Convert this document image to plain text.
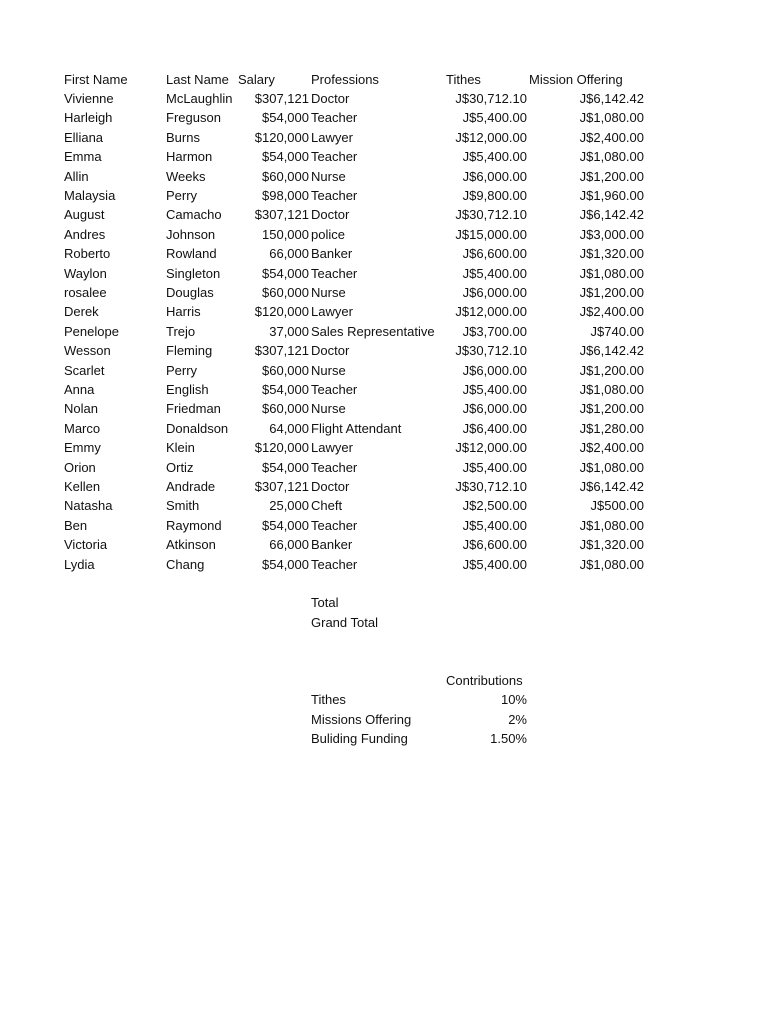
First Name	Last Name Salary	Professions	Tithes	Mission Offering
Vivienne	McLaughlin	$307,121 Doctor	J$30,712.10	J$6,142.42
Harleigh	Freguson	$54,000 Teacher	J$5,400.00	J$1,080.00
Elliana	Burns	$120,000 Lawyer	J$12,000.00	J$2,400.00
Emma	Harmon	$54,000 Teacher	J$5,400.00	J$1,080.00
Allin	Weeks	$60,000 Nurse	J$6,000.00	J$1,200.00
Malaysia	Perry	$98,000 Teacher	J$9,800.00	J$1,960.00
August	Camacho	$307,121 Doctor	J$30,712.10	J$6,142.42
Andres	Johnson	150,000 police	J$15,000.00	J$3,000.00
Roberto	Rowland	66,000 Banker	J$6,600.00	J$1,320.00
Waylon	Singleton	$54,000 Teacher	J$5,400.00	J$1,080.00
rosalee	Douglas	$60,000 Nurse	J$6,000.00	J$1,200.00
Derek	Harris	$120,000 Lawyer	J$12,000.00	J$2,400.00
Penelope	Trejo	37,000 Sales Representative	J$3,700.00	J$740.00
Wesson	Fleming	$307,121 Doctor	J$30,712.10	J$6,142.42
Scarlet	Perry	$60,000 Nurse	J$6,000.00	J$1,200.00
Anna	English	$54,000 Teacher	J$5,400.00	J$1,080.00
Nolan	Friedman	$60,000 Nurse	J$6,000.00	J$1,200.00
Marco	Donaldson	64,000 Flight Attendant	J$6,400.00	J$1,280.00
Emmy	Klein	$120,000 Lawyer	J$12,000.00	J$2,400.00
Orion	Ortiz	$54,000 Teacher	J$5,400.00	J$1,080.00
Kellen	Andrade	$307,121 Doctor	J$30,712.10	J$6,142.42
Natasha	Smith	25,000 Cheft	J$2,500.00	J$500.00
Ben	Raymond	$54,000 Teacher	J$5,400.00	J$1,080.00
Victoria	Atkinson	66,000 Banker	J$6,600.00	J$1,320.00
Lydia	Chang	$54,000 Teacher	J$5,400.00	J$1,080.00
Total
Grand Total
Contributions
Tithes	10%
Missions Offering	2%
Buliding Funding	1.50%
